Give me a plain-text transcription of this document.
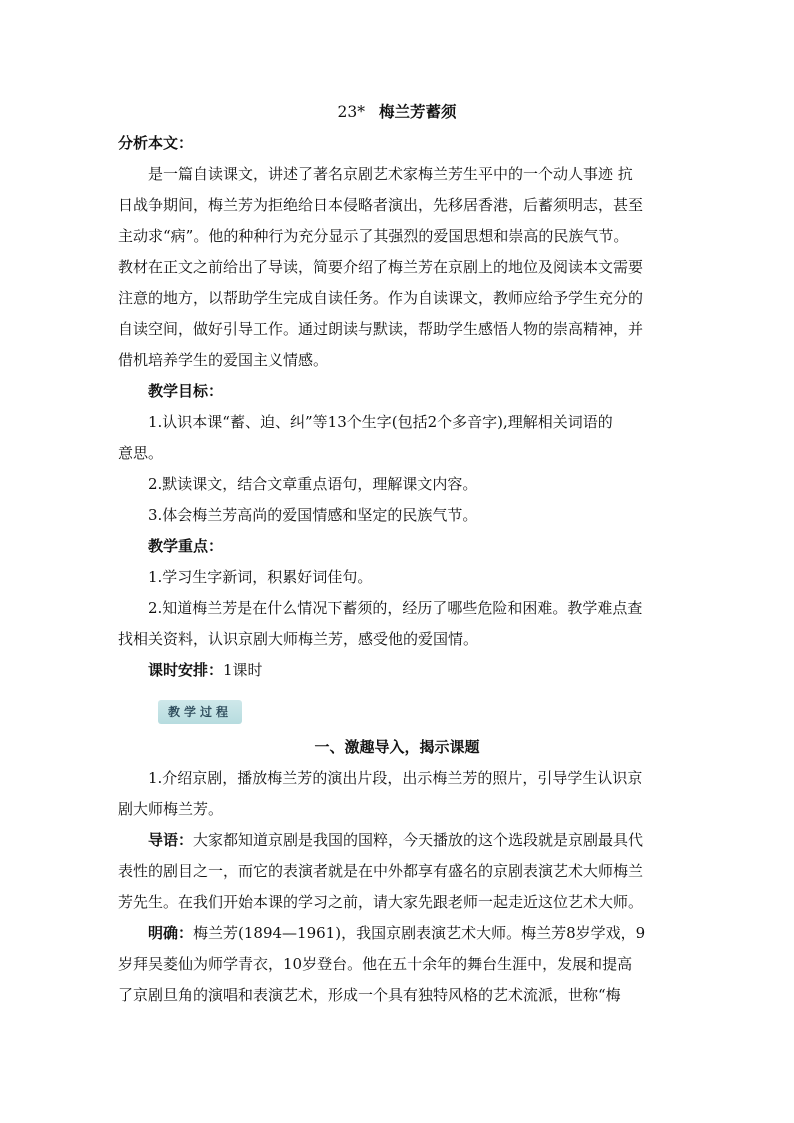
23* 梅兰芳蓄须

分析本文：

是一篇自读课文，讲述了著名京剧艺术家梅兰芳生平中的一个动人事迹 抗

日战争期间，梅兰芳为拒绝给日本侵略者演出，先移居香港，后蓄须明志，甚至

主动求“病”。他的种种行为充分显示了其强烈的爱国思想和崇高的民族气节。

教材在正文之前给出了导读，简要介绍了梅兰芳在京剧上的地位及阅读本文需要

注意的地方，以帮助学生完成自读任务。作为自读课文，教师应给予学生充分的

自读空间，做好引导工作。通过朗读与默读，帮助学生感悟人物的崇高精神，并

借机培养学生的爱国主义情感。

教学目标：

1.认识本课“蓄、迫、纠”等13个生字(包括2个多音字),理解相关词语的

意思。

2.默读课文，结合文章重点语句，理解课文内容。

3.体会梅兰芳高尚的爱国情感和坚定的民族气节。

教学重点：

1.学习生字新词，积累好词佳句。

2.知道梅兰芳是在什么情况下蓄须的，经历了哪些危险和困难。教学难点查

找相关资料，认识京剧大师梅兰芳，感受他的爱国情。

课时安排：1课时

教学过程
一、激趣导入，揭示课题

1.介绍京剧，播放梅兰芳的演出片段，出示梅兰芳的照片，引导学生认识京

剧大师梅兰芳。

导语：大家都知道京剧是我国的国粹，今天播放的这个选段就是京剧最具代

表性的剧目之一，而它的表演者就是在中外都享有盛名的京剧表演艺术大师梅兰

芳先生。在我们开始本课的学习之前，请大家先跟老师一起走近这位艺术大师。

明确：梅兰芳(1894—1961)，我国京剧表演艺术大师。梅兰芳8岁学戏，9

岁拜吴菱仙为师学青衣，10岁登台。他在五十余年的舞台生涯中，发展和提高

了京剧旦角的演唱和表演艺术，形成一个具有独特风格的艺术流派，世称“梅
